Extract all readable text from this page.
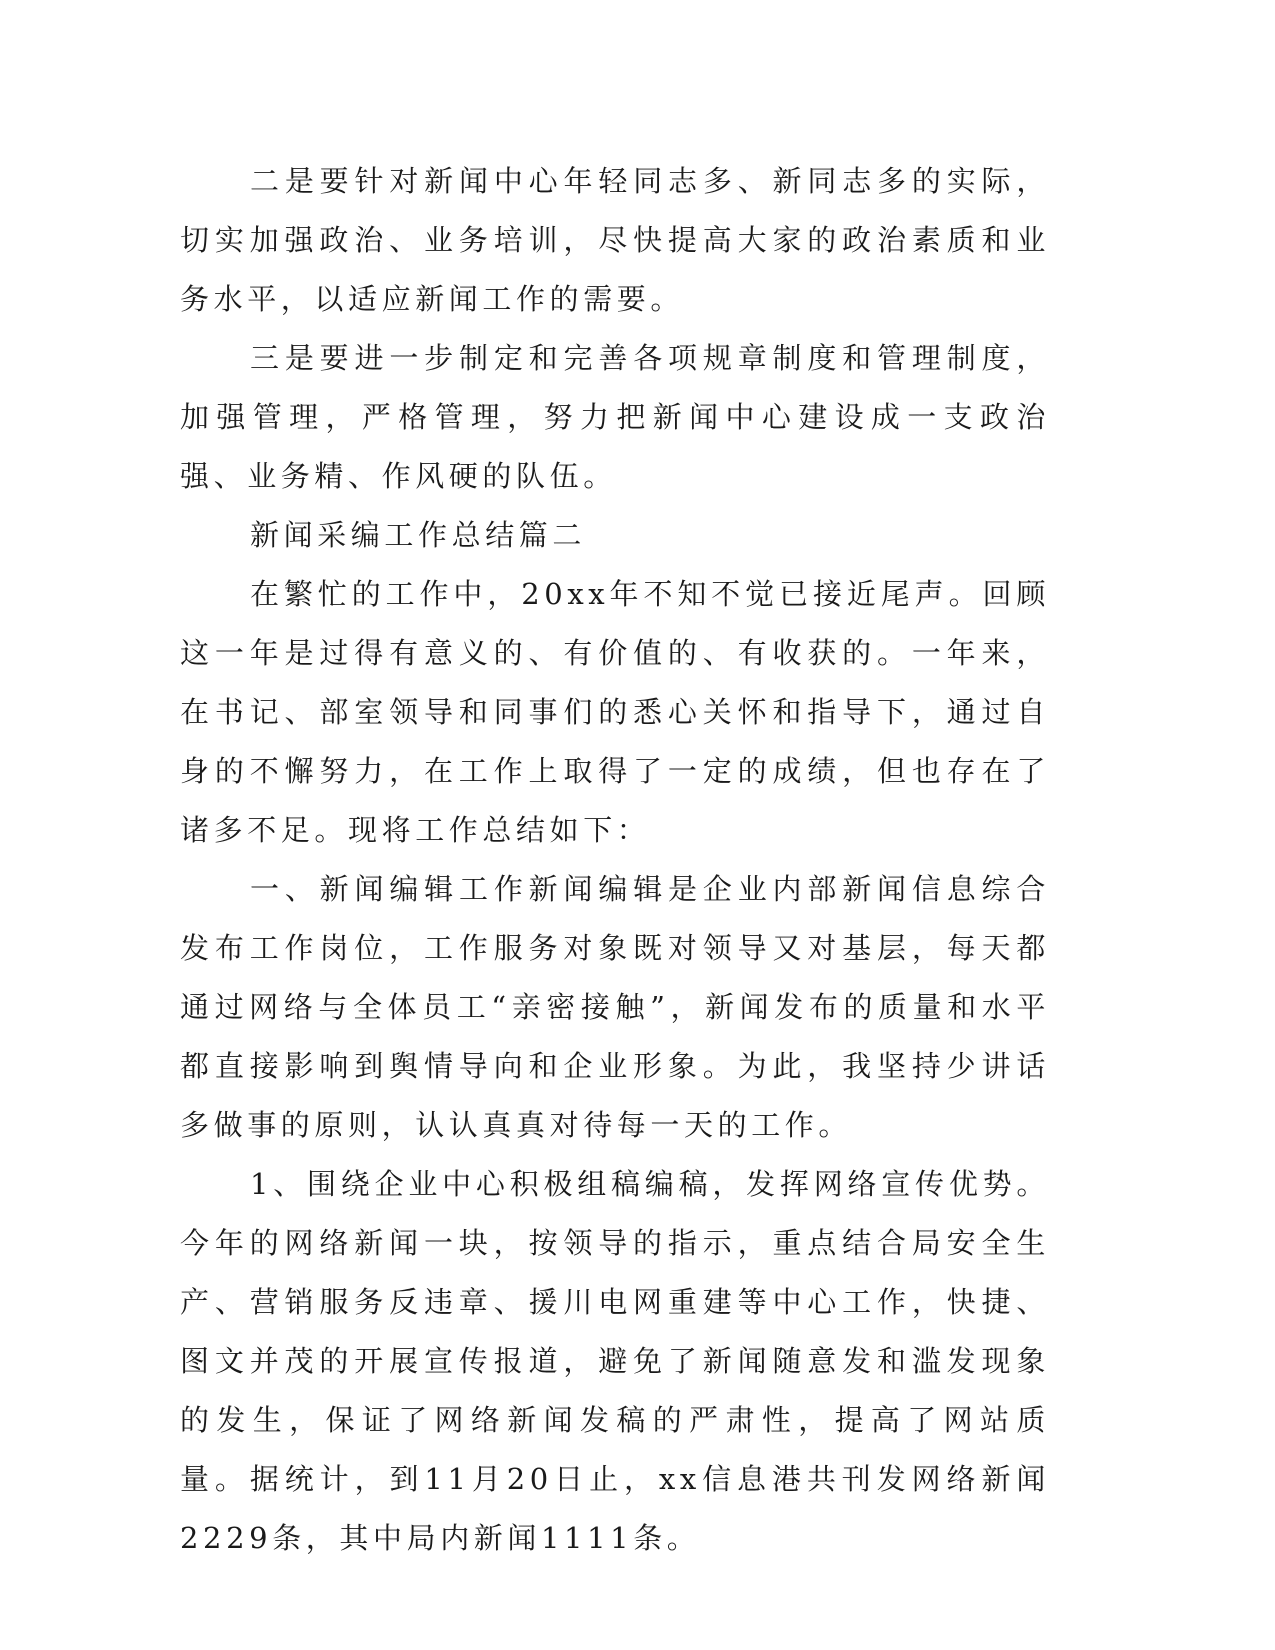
二是要针对新闻中心年轻同志多、新同志多的实际，切实加强政治、业务培训，尽快提高大家的政治素质和业务水平，以适应新闻工作的需要。

三是要进一步制定和完善各项规章制度和管理制度，加强管理，严格管理，努力把新闻中心建设成一支政治强、业务精、作风硬的队伍。

新闻采编工作总结篇二

在繁忙的工作中，20xx年不知不觉已接近尾声。回顾这一年是过得有意义的、有价值的、有收获的。一年来，在书记、部室领导和同事们的悉心关怀和指导下，通过自身的不懈努力，在工作上取得了一定的成绩，但也存在了诸多不足。现将工作总结如下：

一、新闻编辑工作新闻编辑是企业内部新闻信息综合发布工作岗位，工作服务对象既对领导又对基层，每天都通过网络与全体员工“亲密接触”，新闻发布的质量和水平都直接影响到舆情导向和企业形象。为此，我坚持少讲话多做事的原则，认认真真对待每一天的工作。

1、围绕企业中心积极组稿编稿，发挥网络宣传优势。今年的网络新闻一块，按领导的指示，重点结合局安全生产、营销服务反违章、援川电网重建等中心工作，快捷、图文并茂的开展宣传报道，避免了新闻随意发和滥发现象的发生，保证了网络新闻发稿的严肃性，提高了网站质量。据统计，到11月20日止，xx信息港共刊发网络新闻2229条，其中局内新闻1111条。
